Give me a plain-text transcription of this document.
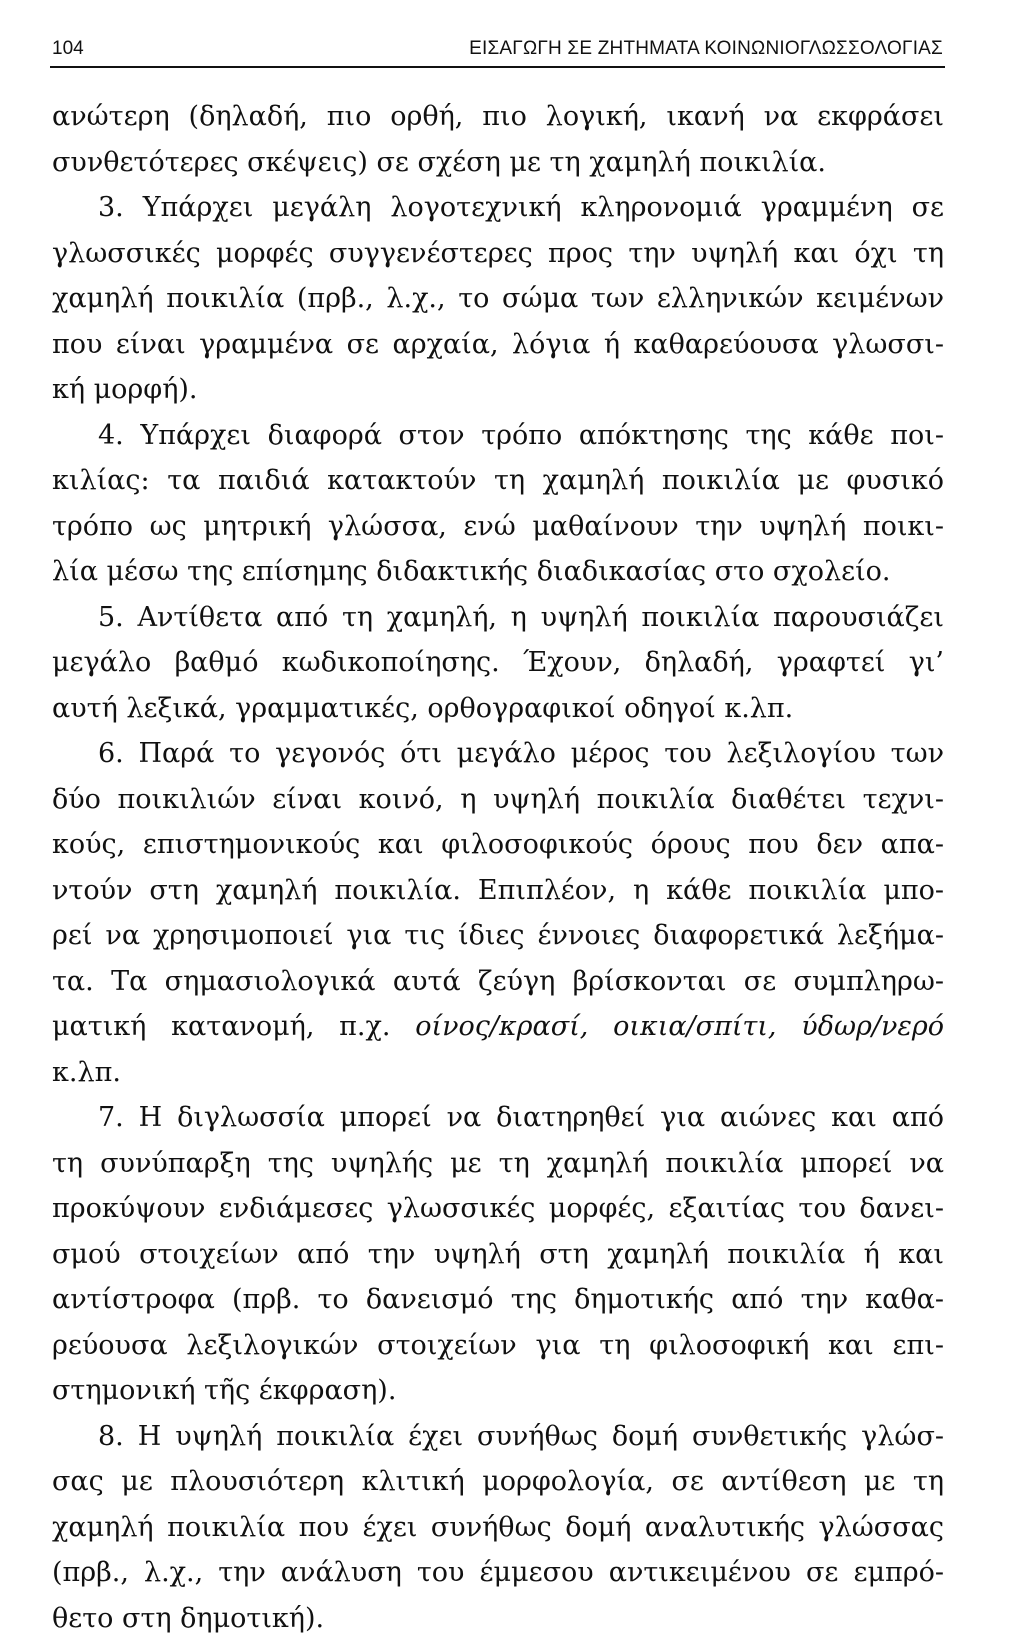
104	ΕΙΣΑΓΩΓΗ ΣΕ ΖΗΤΗΜΑΤΑ ΚΟΙΝΩΝΙΟΓΛΩΣΣΟΛΟΓΙΑΣ
ανώτερη (δηλαδή, πιο ορθή, πιο λογική, ικανή να εκφράσει
συνθετότερες σκέψεις) σε σχέση με τη χαμηλή ποικιλία.
3. Υπάρχει μεγάλη λογοτεχνική κληρονομιά γραμμένη σε
γλωσσικές μορφές συγγενέστερες προς την υψηλή και όχι τη
χαμηλή ποικιλία (πρβ., λ.χ., το σώμα των ελληνικών κειμένων
που είναι γραμμένα σε αρχαία, λόγια ή καθαρεύουσα γλωσσι-
κή μορφή).
4. Υπάρχει διαφορά στον τρόπο απόκτησης της κάθε ποι-
κιλίας: τα παιδιά κατακτούν τη χαμηλή ποικιλία με φυσικό
τρόπο ως μητρική γλώσσα, ενώ μαθαίνουν την υψηλή ποικι-
λία μέσω της επίσημης διδακτικής διαδικασίας στο σχολείο.
5. Αντίθετα από τη χαμηλή, η υψηλή ποικιλία παρουσιάζει
μεγάλο βαθμό κωδικοποίησης. Έχουν, δηλαδή, γραφτεί γι’
αυτή λεξικά, γραμματικές, ορθογραφικοί οδηγοί κ.λπ.
6. Παρά το γεγονός ότι μεγάλο μέρος του λεξιλογίου των
δύο ποικιλιών είναι κοινό, η υψηλή ποικιλία διαθέτει τεχνι-
κούς, επιστημονικούς και φιλοσοφικούς όρους που δεν απα-
ντούν στη χαμηλή ποικιλία. Επιπλέον, η κάθε ποικιλία μπο-
ρεί να χρησιμοποιεί για τις ίδιες έννοιες διαφορετικά λεξήμα-
τα. Τα σημασιολογικά αυτά ζεύγη βρίσκονται σε συμπληρω-
ματική κατανομή, π.χ. οίνος/κρασί, οικια/σπίτι, ύδωρ/νερό
κ.λπ.
7. Η διγλωσσία μπορεί να διατηρηθεί για αιώνες και από
τη συνύπαρξη της υψηλής με τη χαμηλή ποικιλία μπορεί να
προκύψουν ενδιάμεσες γλωσσικές μορφές, εξαιτίας του δανει-
σμού στοιχείων από την υψηλή στη χαμηλή ποικιλία ή και
αντίστροφα (πρβ. το δανεισμό της δημοτικής από την καθα-
ρεύουσα λεξιλογικών στοιχείων για τη φιλοσοφική και επι-
στημονική τη̃ς έκφραση).
8. Η υψηλή ποικιλία έχει συνήθως δομή συνθετικής γλώσ-
σας με πλουσιότερη κλιτική μορφολογία, σε αντίθεση με τη
χαμηλή ποικιλία που έχει συνήθως δομή αναλυτικής γλώσσας
(πρβ., λ.χ., την ανάλυση του έμμεσου αντικειμένου σε εμπρό-
θετο στη δημοτική).
